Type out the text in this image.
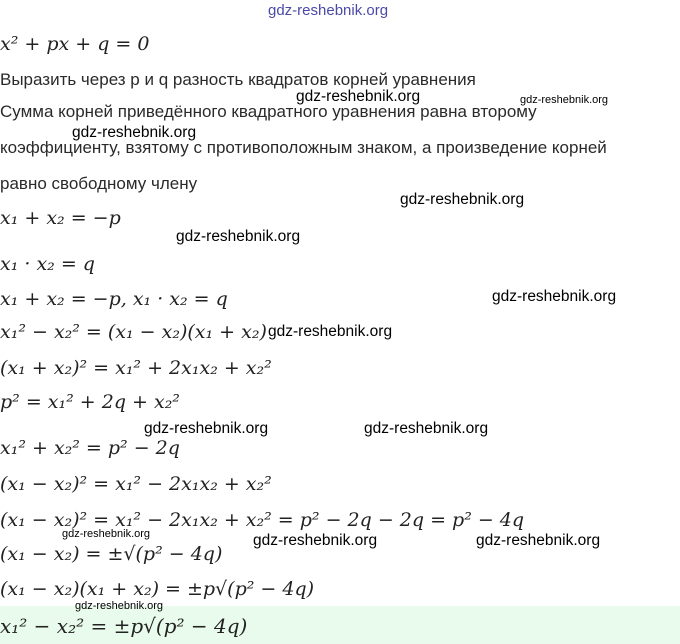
gdz-reshebnik.org
x² + px + q = 0
Выразить через p и q разность квадратов корней уравнения
Сумма корней приведённого квадратного уравнения равна второму
коэффициенту, взятому с противоположным знаком, а произведение корней
равно свободному члену
x₁ + x₂ = −p
x₁ · x₂ = q
x₁ + x₂ = −p, x₁ · x₂ = q
x₁² − x₂² = (x₁ − x₂)(x₁ + x₂)
(x₁ + x₂)² = x₁² + 2x₁x₂ + x₂²
p² = x₁² + 2q + x₂²
x₁² + x₂² = p² − 2q
(x₁ − x₂)² = x₁² − 2x₁x₂ + x₂²
(x₁ − x₂)² = x₁² − 2x₁x₂ + x₂² = p² − 2q − 2q = p² − 4q
(x₁ − x₂) = ±√(p² − 4q)
(x₁ − x₂)(x₁ + x₂) = ±p√(p² − 4q)
x₁² − x₂² = ±p√(p² − 4q)
gdz-reshebnik.org	gdz-reshebnik.org
gdz-reshebnik.org
gdz-reshebnik.org
gdz-reshebnik.org
gdz-reshebnik.org
gdz-reshebnik.org
gdz-reshebnik.org	gdz-reshebnik.org
gdz-reshebnik.org	gdz-reshebnik.org	gdz-reshebnik.org
gdz-reshebnik.org
